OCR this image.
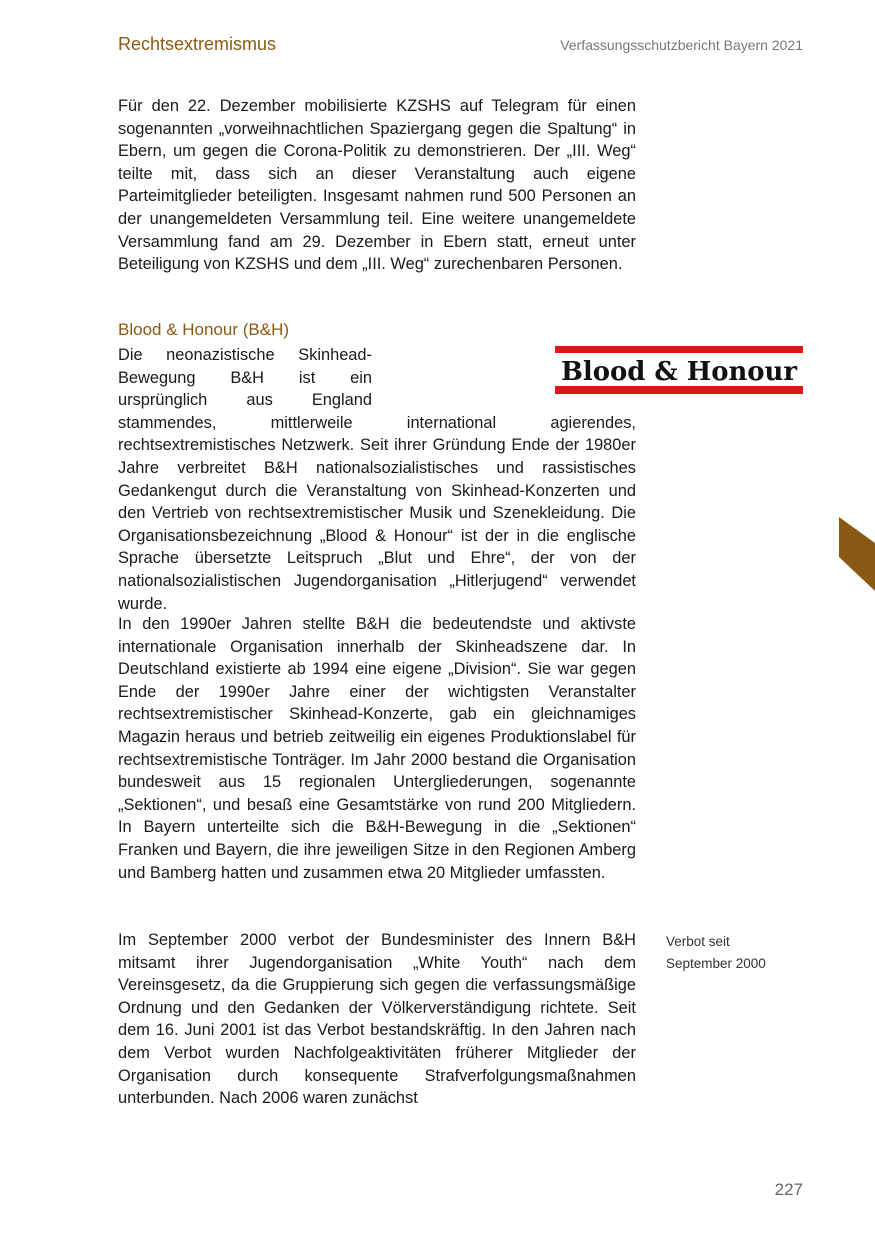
Rechtsextremismus	Verfassungsschutzbericht Bayern 2021

Für den 22. Dezember mobilisierte KZSHS auf Telegram für einen sogenannten „vorweihnachtlichen Spaziergang gegen die Spaltung“ in Ebern, um gegen die Corona-Politik zu demonstrieren. Der „III. Weg“ teilte mit, dass sich an dieser Veranstaltung auch eigene Parteimitglieder beteiligten. Insgesamt nahmen rund 500 Personen an der unangemeldeten Versammlung teil. Eine weitere unangemeldete Versammlung fand am 29. Dezember in Ebern statt, erneut unter Beteiligung von KZSHS und dem „III. Weg“ zurechenbaren Personen.

Blood & Honour (B&H)

Die neonazistische Skinhead-Bewegung B&H ist ein ursprünglich aus England stammendes, mittlerweile international agierendes, rechtsextremistisches Netzwerk. Seit ihrer Gründung Ende der 1980er Jahre verbreitet B&H nationalsozialistisches und rassistisches Gedankengut durch die Veranstaltung von Skinhead-Konzerten und den Vertrieb von rechtsextremistischer Musik und Szenekleidung. Die Organisationsbezeichnung „Blood & Honour“ ist der in die englische Sprache übersetzte Leitspruch „Blut und Ehre“, der von der nationalsozialistischen Jugendorganisation „Hitlerjugend“ verwendet wurde.

Blood & Honour

In den 1990er Jahren stellte B&H die bedeutendste und aktivste internationale Organisation innerhalb der Skinheadszene dar. In Deutschland existierte ab 1994 eine eigene „Division“. Sie war gegen Ende der 1990er Jahre einer der wichtigsten Veranstalter rechtsextremistischer Skinhead-Konzerte, gab ein gleichnamiges Magazin heraus und betrieb zeitweilig ein eigenes Produktionslabel für rechtsextremistische Tonträger. Im Jahr 2000 bestand die Organisation bundesweit aus 15 regionalen Untergliederungen, sogenannte „Sektionen“, und besaß eine Gesamtstärke von rund 200 Mitgliedern. In Bayern unterteilte sich die B&H-Bewegung in die „Sektionen“ Franken und Bayern, die ihre jeweiligen Sitze in den Regionen Amberg und Bamberg hatten und zusammen etwa 20 Mitglieder umfassten.

Im September 2000 verbot der Bundesminister des Innern B&H mitsamt ihrer Jugendorganisation „White Youth“ nach dem Vereinsgesetz, da die Gruppierung sich gegen die verfassungsmäßige Ordnung und den Gedanken der Völkerverständigung richtete. Seit dem 16. Juni 2001 ist das Verbot bestandskräftig. In den Jahren nach dem Verbot wurden Nachfolgeaktivitäten früherer Mitglieder der Organisation durch konsequente Strafverfolgungsmaßnahmen unterbunden. Nach 2006 waren zunächst

Verbot seit
September 2000
227
